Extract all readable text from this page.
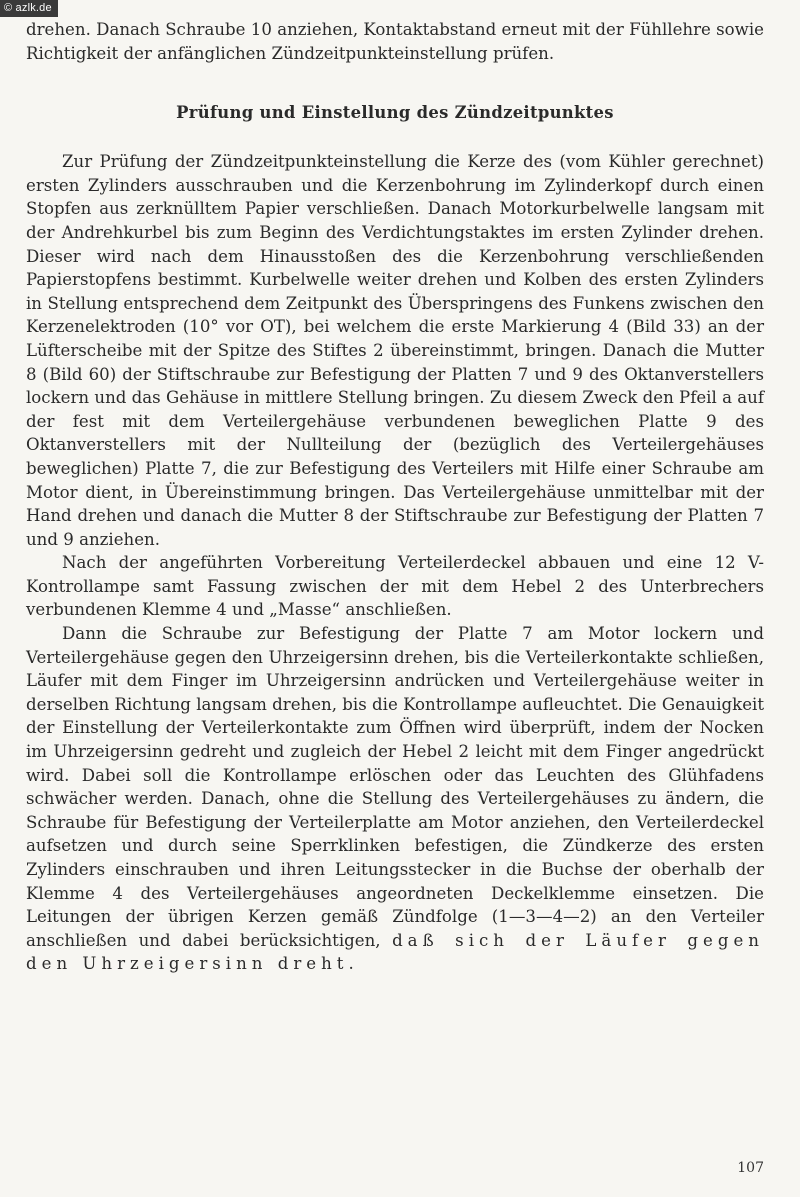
© azlk.de

drehen. Danach Schraube 10 anziehen, Kontaktabstand erneut mit der Fühllehre sowie Richtigkeit der anfänglichen Zündzeitpunkteinstellung prüfen.

Prüfung und Einstellung des Zündzeitpunktes

Zur Prüfung der Zündzeitpunkteinstellung die Kerze des (vom Kühler gerechnet) ersten Zylinders ausschrauben und die Kerzenbohrung im Zylinderkopf durch einen Stopfen aus zerknülltem Papier verschließen. Danach Motorkurbelwelle langsam mit der Andrehkurbel bis zum Beginn des Verdichtungstaktes im ersten Zylinder drehen. Dieser wird nach dem Hinausstoßen des die Kerzenbohrung verschließenden Papierstopfens bestimmt. Kurbelwelle weiter drehen und Kolben des ersten Zylinders in Stellung entsprechend dem Zeitpunkt des Überspringens des Funkens zwischen den Kerzenelektroden (10° vor OT), bei welchem die erste Markierung 4 (Bild 33) an der Lüfterscheibe mit der Spitze des Stiftes 2 übereinstimmt, bringen. Danach die Mutter 8 (Bild 60) der Stiftschraube zur Befestigung der Platten 7 und 9 des Oktanverstellers lockern und das Gehäuse in mittlere Stellung bringen. Zu diesem Zweck den Pfeil a auf der fest mit dem Verteilergehäuse verbundenen beweglichen Platte 9 des Oktanverstellers mit der Nullteilung der (bezüglich des Verteilergehäuses beweglichen) Platte 7, die zur Befestigung des Verteilers mit Hilfe einer Schraube am Motor dient, in Übereinstimmung bringen. Das Verteilergehäuse unmittelbar mit der Hand drehen und danach die Mutter 8 der Stiftschraube zur Befestigung der Platten 7 und 9 anziehen.

Nach der angeführten Vorbereitung Verteilerdeckel abbauen und eine 12 V-Kontrollampe samt Fassung zwischen der mit dem Hebel 2 des Unterbrechers verbundenen Klemme 4 und „Masse“ anschließen.

Dann die Schraube zur Befestigung der Platte 7 am Motor lockern und Verteilergehäuse gegen den Uhrzeigersinn drehen, bis die Verteilerkontakte schließen, Läufer mit dem Finger im Uhrzeigersinn andrücken und Verteilergehäuse weiter in derselben Richtung langsam drehen, bis die Kontrollampe aufleuchtet. Die Genauigkeit der Einstellung der Verteilerkontakte zum Öffnen wird überprüft, indem der Nocken im Uhrzeigersinn gedreht und zugleich der Hebel 2 leicht mit dem Finger angedrückt wird. Dabei soll die Kontrollampe erlöschen oder das Leuchten des Glühfadens schwächer werden. Danach, ohne die Stellung des Verteilergehäuses zu ändern, die Schraube für Befestigung der Verteilerplatte am Motor anziehen, den Verteilerdeckel aufsetzen und durch seine Sperrklinken befestigen, die Zündkerze des ersten Zylinders einschrauben und ihren Leitungsstecker in die Buchse der oberhalb der Klemme 4 des Verteilergehäuses angeordneten Deckelklemme einsetzen. Die Leitungen der übrigen Kerzen gemäß Zündfolge (1—3—4—2) an den Verteiler anschließen und dabei berücksichtigen, daß sich der Läufer gegen den Uhrzeigersinn dreht.

107
